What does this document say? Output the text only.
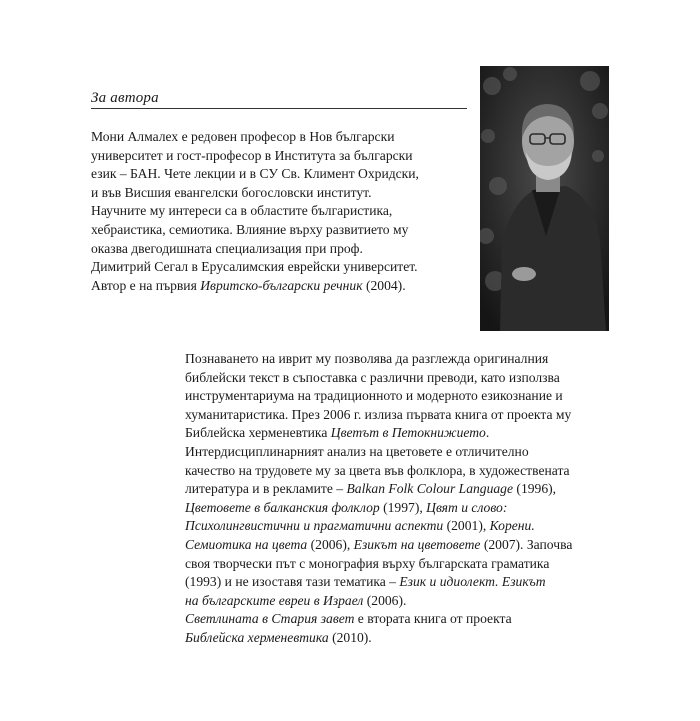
За автора
Мони Алмалех е редовен професор в Нов български
университет и гост-професор в Института за български
език – БАН. Чете лекции и в СУ Св. Климент Охридски,
и във Висшия евангелски богословски институт.
Научните му интереси са в областите българистика,
хебраистика, семиотика. Влияние върху развитието му
оказва двегодишната специализация при проф.
Димитрий Сегал в Ерусалимския еврейски университет.
Автор е на първия Ивритско-български речник (2004).
Познаването на иврит му позволява да разглежда оригиналния
библейски текст в съпоставка с различни преводи, като използва
инструментариума на традиционното и модерното езикознание и
хуманитаристика. През 2006 г. излиза първата книга от проекта му
Библейска херменевтика Цветът в Петокнижието.
Интердисциплинарният анализ на цветовете е отличително
качество на трудовете му за цвета във фолклора, в художествената
литература и в рекламите – Balkan Folk Colour Language (1996),
Цветовете в балканския фолклор (1997), Цвят и слово:
Психолингвистични и прагматични аспекти (2001), Корени.
Семиотика на цвета (2006), Езикът на цветовете (2007). Започва
своя творчески път с монография върху българската граматика
(1993) и не изоставя тази тематика – Език и идиолект. Езикът
на българските евреи в Израел (2006).
Светлината в Стария завет е втората книга от проекта
Библейска херменевтика (2010).
